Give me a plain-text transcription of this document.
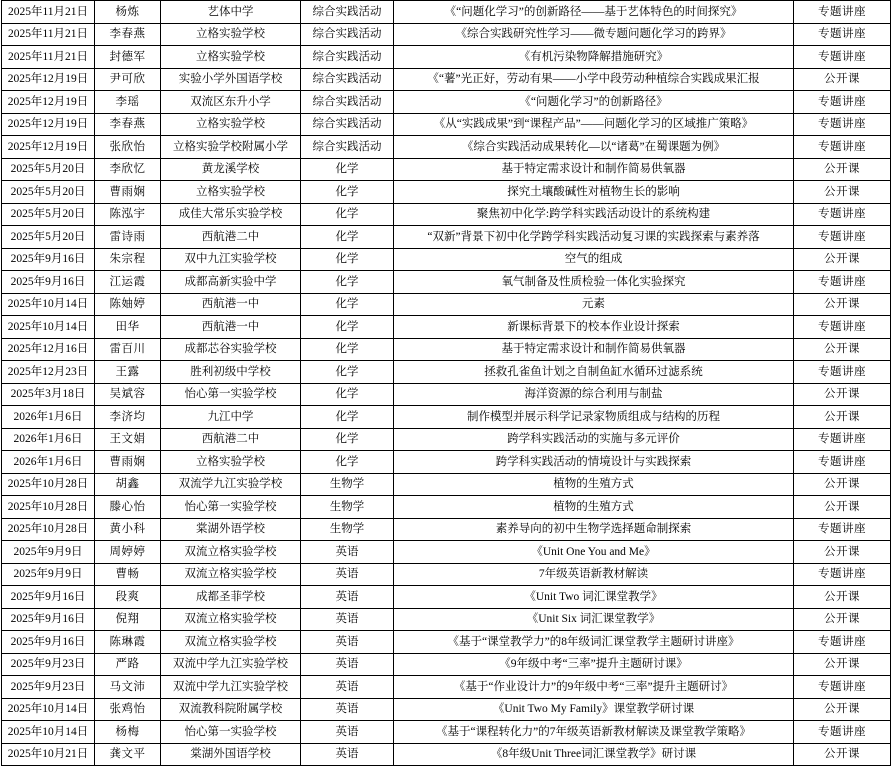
2025年11月21日	杨炼	艺体中学	综合实践活动	《“问题化学习”的创新路径——基于艺体特色的时间探究》	专题讲座
2025年11月21日	李春燕	立格实验学校	综合实践活动	《综合实践研究性学习——微专题问题化学习的跨界》	专题讲座
2025年11月21日	封德军	立格实验学校	综合实践活动	《有机污染物降解措施研究》	专题讲座
2025年12月19日	尹可欣	实验小学外国语学校	综合实践活动	《“薯”光正好，劳动有果——小学中段劳动种植综合实践成果汇报	公开课
2025年12月19日	李瑶	双流区东升小学	综合实践活动	《“问题化学习”的创新路径》	专题讲座
2025年12月19日	李春燕	立格实验学校	综合实践活动	《从“实践成果”到“课程产品”——问题化学习的区域推广策略》	专题讲座
2025年12月19日	张欣怡	立格实验学校附属小学	综合实践活动	《综合实践活动成果转化—以“诸葛”在蜀课题为例》	专题讲座
2025年5月20日	李欣忆	黄龙溪学校	化学	基于特定需求设计和制作简易供氧器	公开课
2025年5月20日	曹雨娴	立格实验学校	化学	探究土壤酸碱性对植物生长的影响	公开课
2025年5月20日	陈泓宇	成佳大常乐实验学校	化学	聚焦初中化学:跨学科实践活动设计的系统构建	专题讲座
2025年5月20日	雷诗雨	西航港二中	化学	“双新”背景下初中化学跨学科实践活动复习课的实践探索与素养落	专题讲座
2025年9月16日	朱宗程	双中九江实验学校	化学	空气的组成	公开课
2025年9月16日	江运霞	成都高新实验中学	化学	氧气制备及性质检验一体化实验探究	专题讲座
2025年10月14日	陈妯婷	西航港一中	化学	元素	公开课
2025年10月14日	田华	西航港一中	化学	新课标背景下的校本作业设计探索	专题讲座
2025年12月16日	雷百川	成都芯谷实验学校	化学	基于特定需求设计和制作简易供氧器	公开课
2025年12月23日	王露	胜利初级中学校	化学	拯救孔雀鱼计划之自制鱼缸水循环过滤系统	专题讲座
2025年3月18日	吴斌容	怡心第一实验学校	化学	海洋资源的综合利用与制盐	公开课
2026年1月6日	李济均	九江中学	化学	制作模型并展示科学记录家物质组成与结构的历程	公开课
2026年1月6日	王文娟	西航港二中	化学	跨学科实践活动的实施与多元评价	专题讲座
2026年1月6日	曹雨娴	立格实验学校	化学	跨学科实践活动的情境设计与实践探索	专题讲座
2025年10月28日	胡鑫	双流学九江实验学校	生物学	植物的生殖方式	公开课
2025年10月28日	滕心怡	怡心第一实验学校	生物学	植物的生殖方式	公开课
2025年10月28日	黄小科	棠湖外语学校	生物学	素养导向的初中生物学选择题命制探索	专题讲座
2025年9月9日	周婷婷	双流立格实验学校	英语	《Unit One You and Me》	公开课
2025年9月9日	曹畅	双流立格实验学校	英语	7年级英语新教材解读	专题讲座
2025年9月16日	段爽	成都圣菲学校	英语	《Unit Two 词汇课堂教学》	公开课
2025年9月16日	倪翔	双流立格实验学校	英语	《Unit Six 词汇课堂教学》	公开课
2025年9月16日	陈琳霞	双流立格实验学校	英语	《基于“课堂教学力”的8年级词汇课堂教学主题研讨讲座》	专题讲座
2025年9月23日	严路	双流中学九江实验学校	英语	《9年级中考“三率”提升主题研讨课》	公开课
2025年9月23日	马文沛	双流中学九江实验学校	英语	《基于“作业设计力”的9年级中考“三率”提升主题研讨》	专题讲座
2025年10月14日	张鸡怡	双流教科院附属学校	英语	《Unit Two My Family》课堂教学研讨课	公开课
2025年10月14日	杨梅	怡心第一实验学校	英语	《基于“课程转化力”的7年级英语新教材解读及课堂教学策略》	专题讲座
2025年10月21日	龚文平	棠湖外国语学校	英语	《8年级Unit Three词汇课堂教学》研讨课	公开课
